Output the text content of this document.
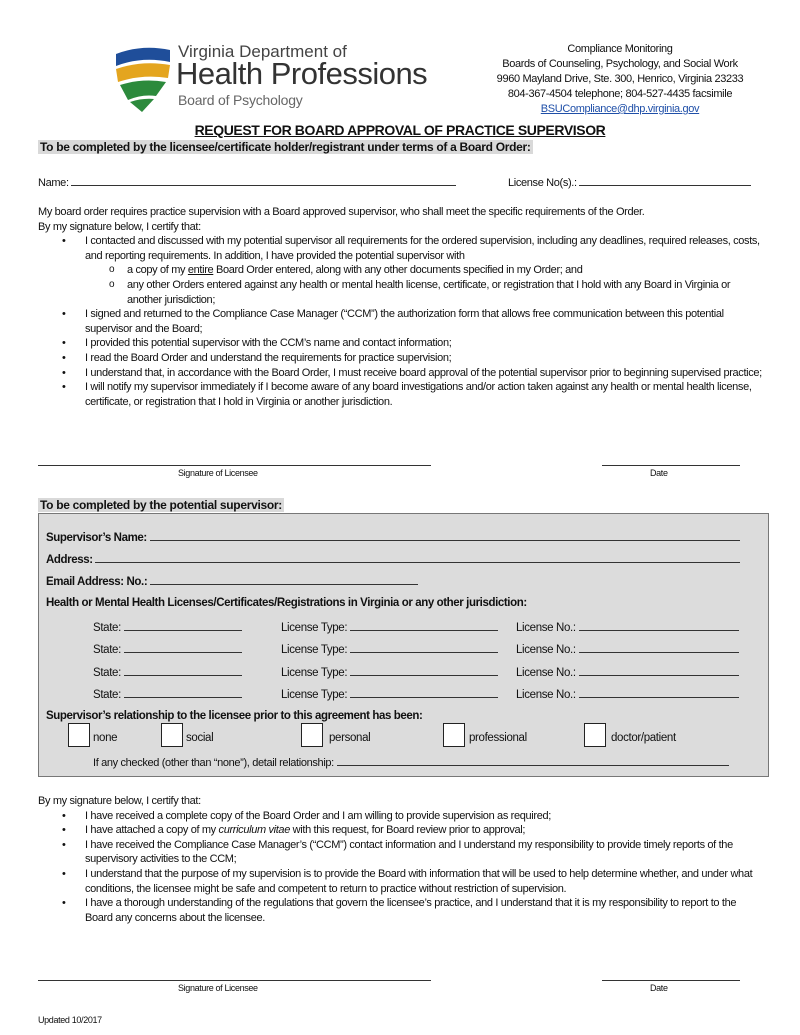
Virginia Department of
Health Professions
Board of Psychology
Compliance Monitoring
Boards of Counseling, Psychology, and Social Work
9960 Mayland Drive, Ste. 300, Henrico, Virginia 23233
804-367-4504 telephone; 804-527-4435 facsimile
BSUCompliance@dhp.virginia.gov
REQUEST FOR BOARD APPROVAL OF PRACTICE SUPERVISOR
To be completed by the licensee/certificate holder/registrant under terms of a Board Order:
Name:	License No(s).:
My board order requires practice supervision with a Board approved supervisor, who shall meet the specific requirements of the Order.
By my signature below, I certify that:
• I contacted and discussed with my potential supervisor all requirements for the ordered supervision, including any deadlines, required releases, costs, and reporting requirements. In addition, I have provided the potential supervisor with
o a copy of my entire Board Order entered, along with any other documents specified in my Order; and
o any other Orders entered against any health or mental health license, certificate, or registration that I hold with any Board in Virginia or another jurisdiction;
• I signed and returned to the Compliance Case Manager (“CCM”) the authorization form that allows free communication between this potential supervisor and the Board;
• I provided this potential supervisor with the CCM’s name and contact information;
• I read the Board Order and understand the requirements for practice supervision;
• I understand that, in accordance with the Board Order, I must receive board approval of the potential supervisor prior to beginning supervised practice;
• I will notify my supervisor immediately if I become aware of any board investigations and/or action taken against any health or mental health license, certificate, or registration that I hold in Virginia or another jurisdiction.
Signature of Licensee	Date
To be completed by the potential supervisor:
Supervisor’s Name:
Address:
Email Address: No.:
Health or Mental Health Licenses/Certificates/Registrations in Virginia or any other jurisdiction:
State:	License Type:	License No.:
State:	License Type:	License No.:
State:	License Type:	License No.:
State:	License Type:	License No.:
Supervisor’s relationship to the licensee prior to this agreement has been:
none	social	personal	professional	doctor/patient
If any checked (other than “none”), detail relationship:
By my signature below, I certify that:
• I have received a complete copy of the Board Order and I am willing to provide supervision as required;
• I have attached a copy of my curriculum vitae with this request, for Board review prior to approval;
• I have received the Compliance Case Manager’s (“CCM”) contact information and I understand my responsibility to provide timely reports of the supervisory activities to the CCM;
• I understand that the purpose of my supervision is to provide the Board with information that will be used to help determine whether, and under what conditions, the licensee might be safe and competent to return to practice without restriction of supervision.
• I have a thorough understanding of the regulations that govern the licensee’s practice, and I understand that it is my responsibility to report to the Board any concerns about the licensee.
Signature of Licensee	Date
Updated 10/2017
